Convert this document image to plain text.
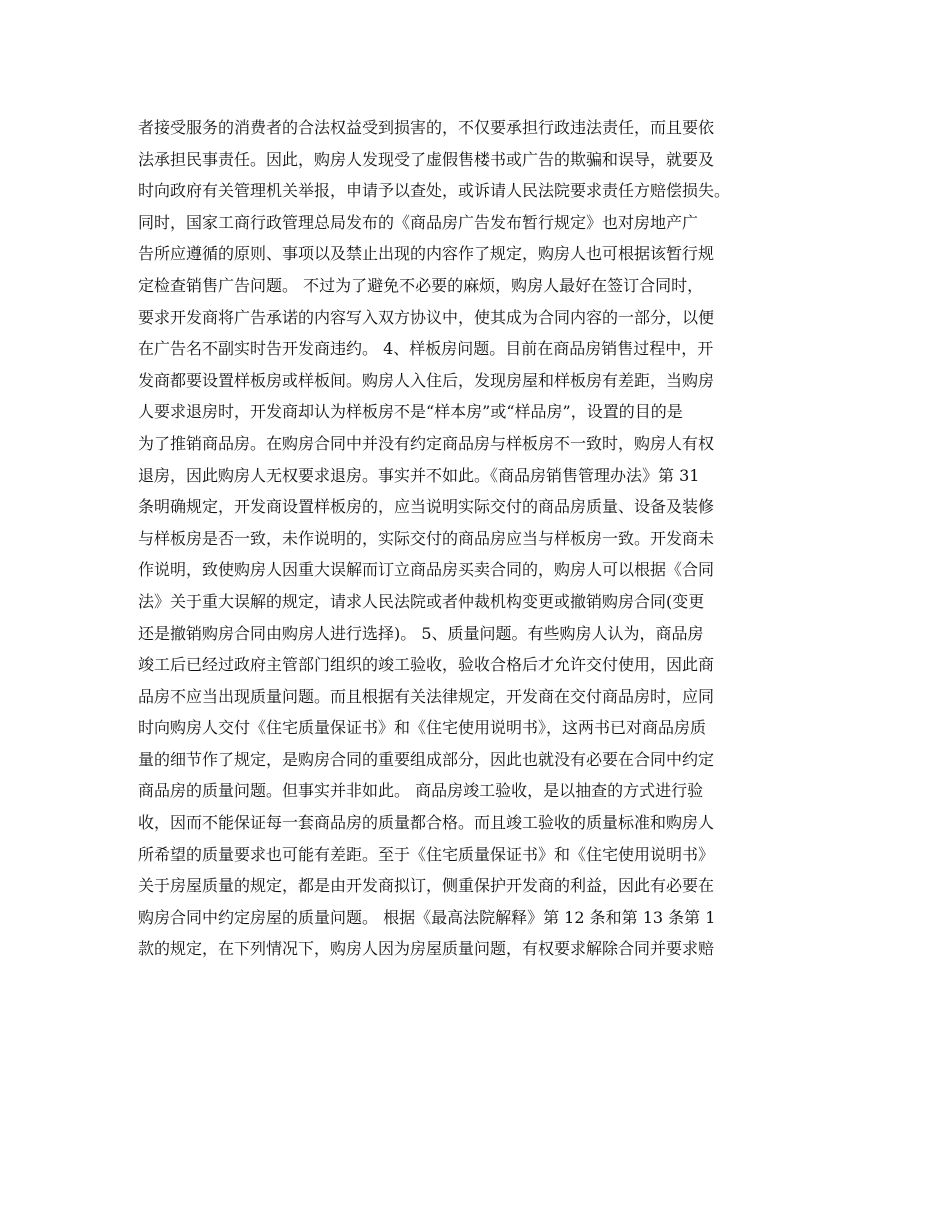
者接受服务的消费者的合法权益受到损害的，不仅要承担行政违法责任，而且要依
法承担民事责任。因此，购房人发现受了虚假售楼书或广告的欺骗和误导，就要及
时向政府有关管理机关举报，申请予以查处，或诉请人民法院要求责任方赔偿损失。
同时，国家工商行政管理总局发布的《商品房广告发布暂行规定》也对房地产广
告所应遵循的原则、事项以及禁止出现的内容作了规定，购房人也可根据该暂行规
定检查销售广告问题。 不过为了避免不必要的麻烦，购房人最好在签订合同时，
要求开发商将广告承诺的内容写入双方协议中，使其成为合同内容的一部分，以便
在广告名不副实时告开发商违约。 4、样板房问题。目前在商品房销售过程中，开
发商都要设置样板房或样板间。购房人入住后，发现房屋和样板房有差距，当购房
人要求退房时，开发商却认为样板房不是“样本房”或“样品房”，设置的目的是
为了推销商品房。在购房合同中并没有约定商品房与样板房不一致时，购房人有权
退房，因此购房人无权要求退房。事实并不如此。《商品房销售管理办法》第 31
条明确规定，开发商设置样板房的，应当说明实际交付的商品房质量、设备及装修
与样板房是否一致，未作说明的，实际交付的商品房应当与样板房一致。开发商未
作说明，致使购房人因重大误解而订立商品房买卖合同的，购房人可以根据《合同
法》关于重大误解的规定，请求人民法院或者仲裁机构变更或撤销购房合同(变更
还是撤销购房合同由购房人进行选择)。 5、质量问题。有些购房人认为，商品房
竣工后已经过政府主管部门组织的竣工验收，验收合格后才允许交付使用，因此商
品房不应当出现质量问题。而且根据有关法律规定，开发商在交付商品房时，应同
时向购房人交付《住宅质量保证书》和《住宅使用说明书》，这两书已对商品房质
量的细节作了规定，是购房合同的重要组成部分，因此也就没有必要在合同中约定
商品房的质量问题。但事实并非如此。 商品房竣工验收，是以抽查的方式进行验
收，因而不能保证每一套商品房的质量都合格。而且竣工验收的质量标准和购房人
所希望的质量要求也可能有差距。至于《住宅质量保证书》和《住宅使用说明书》
关于房屋质量的规定，都是由开发商拟订，侧重保护开发商的利益，因此有必要在
购房合同中约定房屋的质量问题。 根据《最高法院解释》第 12 条和第 13 条第 1
款的规定，在下列情况下，购房人因为房屋质量问题，有权要求解除合同并要求赔
